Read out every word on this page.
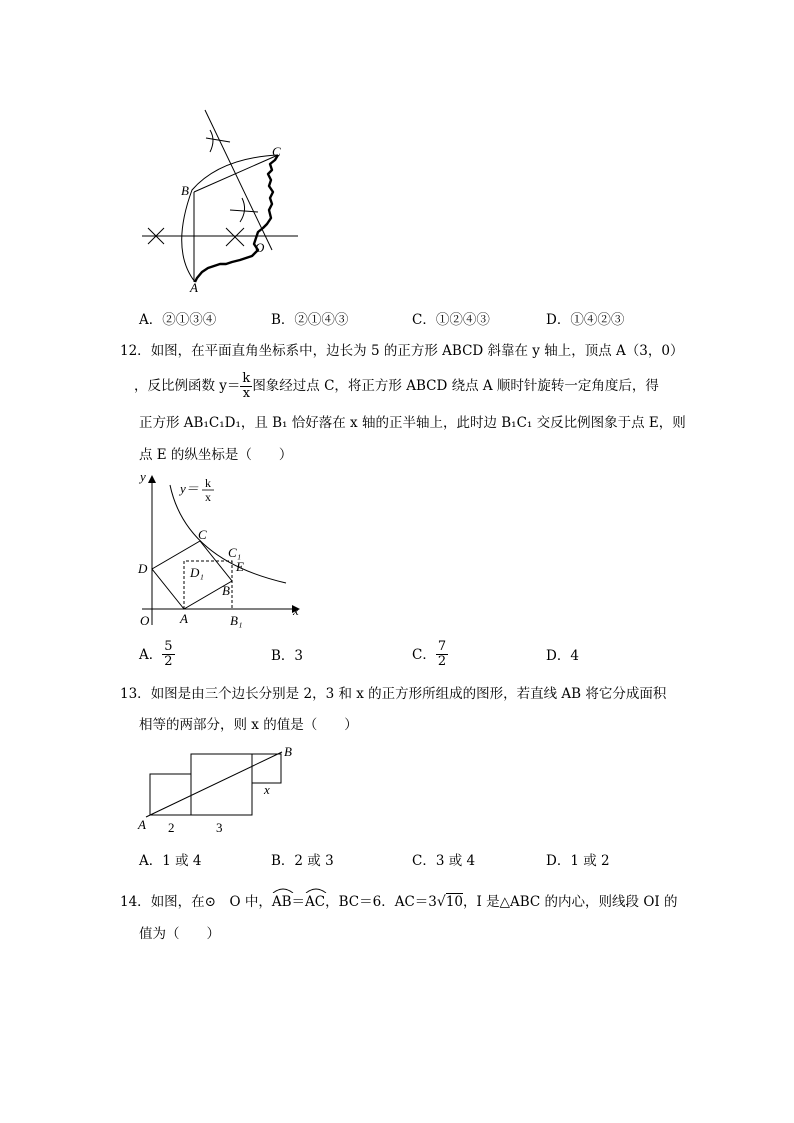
B
C
O
A
A．②①③④	B．②①④③	C．①②④③	D．①④②③
12．如图，在平面直角坐标系中，边长为 5 的正方形 ABCD 斜靠在 y 轴上，顶点 A（3，0）
，反比例函数 $y= \frac{k}{x}$ 图象经过点 C，将正方形 ABCD 绕点 A 顺时针旋转一定角度后，得
正方形 AB₁C₁D₁，且 B₁ 恰好落在 x 轴的正半轴上，此时边 B₁C₁ 交反比例图象于点 E，则
点 E 的纵坐标是（　　）
y
x
O A
B
C
D	D₁
C₁
E
B₁
y＝ k
x
A． $\frac{5}{2}$	B．3	C． $\frac{7}{2}$	D．4
13．如图是由三个边长分别是 2，3 和 x 的正方形所组成的图形，若直线 AB 将它分成面积
相等的两部分，则 x 的值是（　　）
A
B
x
2	3
A．1 或 4	B．2 或 3	C．3 或 4	D．1 或 2
14．如图，在⊙　O 中，
AB＝
AC，BC＝6．AC＝3√10，I 是△ABC 的内心，则线段 OI 的
值为（　　）
